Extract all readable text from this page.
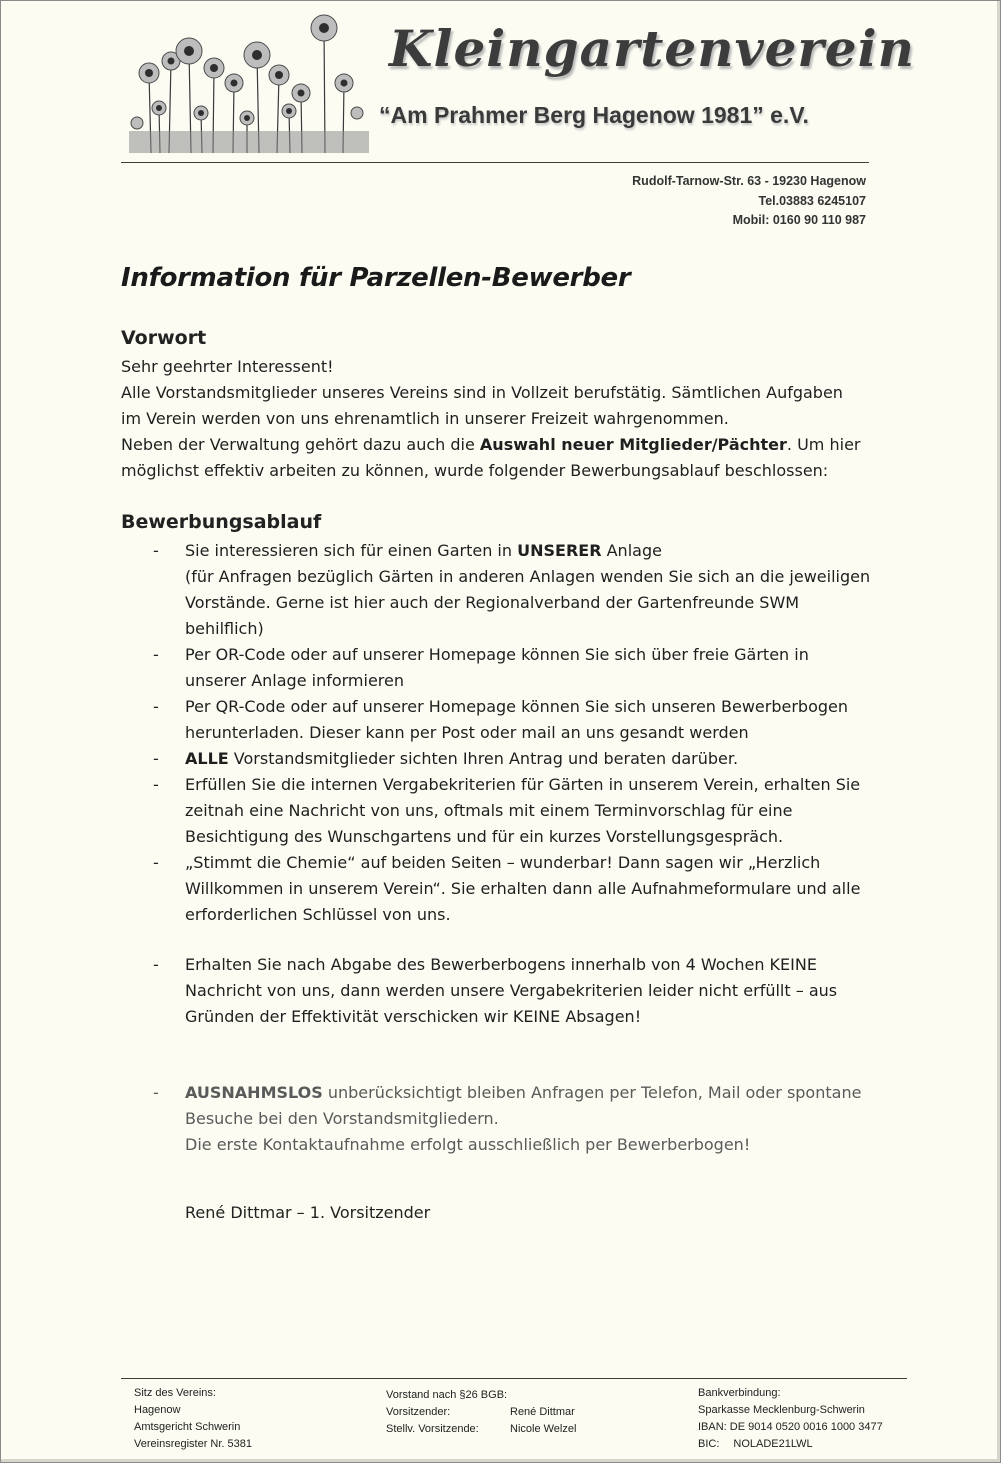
Kleingartenverein
“Am Prahmer Berg Hagenow 1981” e.V.
Rudolf-Tarnow-Str. 63 - 19230 Hagenow
Tel.03883 6245107
Mobil: 0160 90 110 987
Information für Parzellen-Bewerber
Vorwort

Sehr geehrter Interessent!

Alle Vorstandsmitglieder unseres Vereins sind in Vollzeit berufstätig. Sämtlichen Aufgaben

im Verein werden von uns ehrenamtlich in unserer Freizeit wahrgenommen.

Neben der Verwaltung gehört dazu auch die Auswahl neuer Mitglieder/Pächter. Um hier

möglichst effektiv arbeiten zu können, wurde folgender Bewerbungsablauf beschlossen:

Bewerbungsablauf
- Sie interessieren sich für einen Garten in UNSERER Anlage
(für Anfragen bezüglich Gärten in anderen Anlagen wenden Sie sich an die jeweiligen
Vorstände. Gerne ist hier auch der Regionalverband der Gartenfreunde SWM
behilflich)
- Per OR-Code oder auf unserer Homepage können Sie sich über freie Gärten in
unserer Anlage informieren
- Per QR-Code oder auf unserer Homepage können Sie sich unseren Bewerberbogen
herunterladen. Dieser kann per Post oder mail an uns gesandt werden
- ALLE Vorstandsmitglieder sichten Ihren Antrag und beraten darüber.
- Erfüllen Sie die internen Vergabekriterien für Gärten in unserem Verein, erhalten Sie
zeitnah eine Nachricht von uns, oftmals mit einem Terminvorschlag für eine
Besichtigung des Wunschgartens und für ein kurzes Vorstellungsgespräch.
- „Stimmt die Chemie“ auf beiden Seiten – wunderbar! Dann sagen wir „Herzlich
Willkommen in unserem Verein“. Sie erhalten dann alle Aufnahmeformulare und alle
erforderlichen Schlüssel von uns.
- Erhalten Sie nach Abgabe des Bewerberbogens innerhalb von 4 Wochen KEINE
Nachricht von uns, dann werden unsere Vergabekriterien leider nicht erfüllt – aus
Gründen der Effektivität verschicken wir KEINE Absagen!
- AUSNAHMSLOS unberücksichtigt bleiben Anfragen per Telefon, Mail oder spontane
Besuche bei den Vorstandsmitgliedern.
Die erste Kontaktaufnahme erfolgt ausschließlich per Bewerberbogen!
René Dittmar – 1. Vorsitzender
Sitz des Vereins:
Hagenow
Amtsgericht Schwerin
Vereinsregister Nr. 5381
Vorstand nach §26 BGB:
Vorsitzender:	René Dittmar
Stellv. Vorsitzende:	Nicole Welzel
Bankverbindung:
Sparkasse Mecklenburg-Schwerin
IBAN: DE 9014 0520 0016 1000 3477
BIC: NOLADE21LWL
